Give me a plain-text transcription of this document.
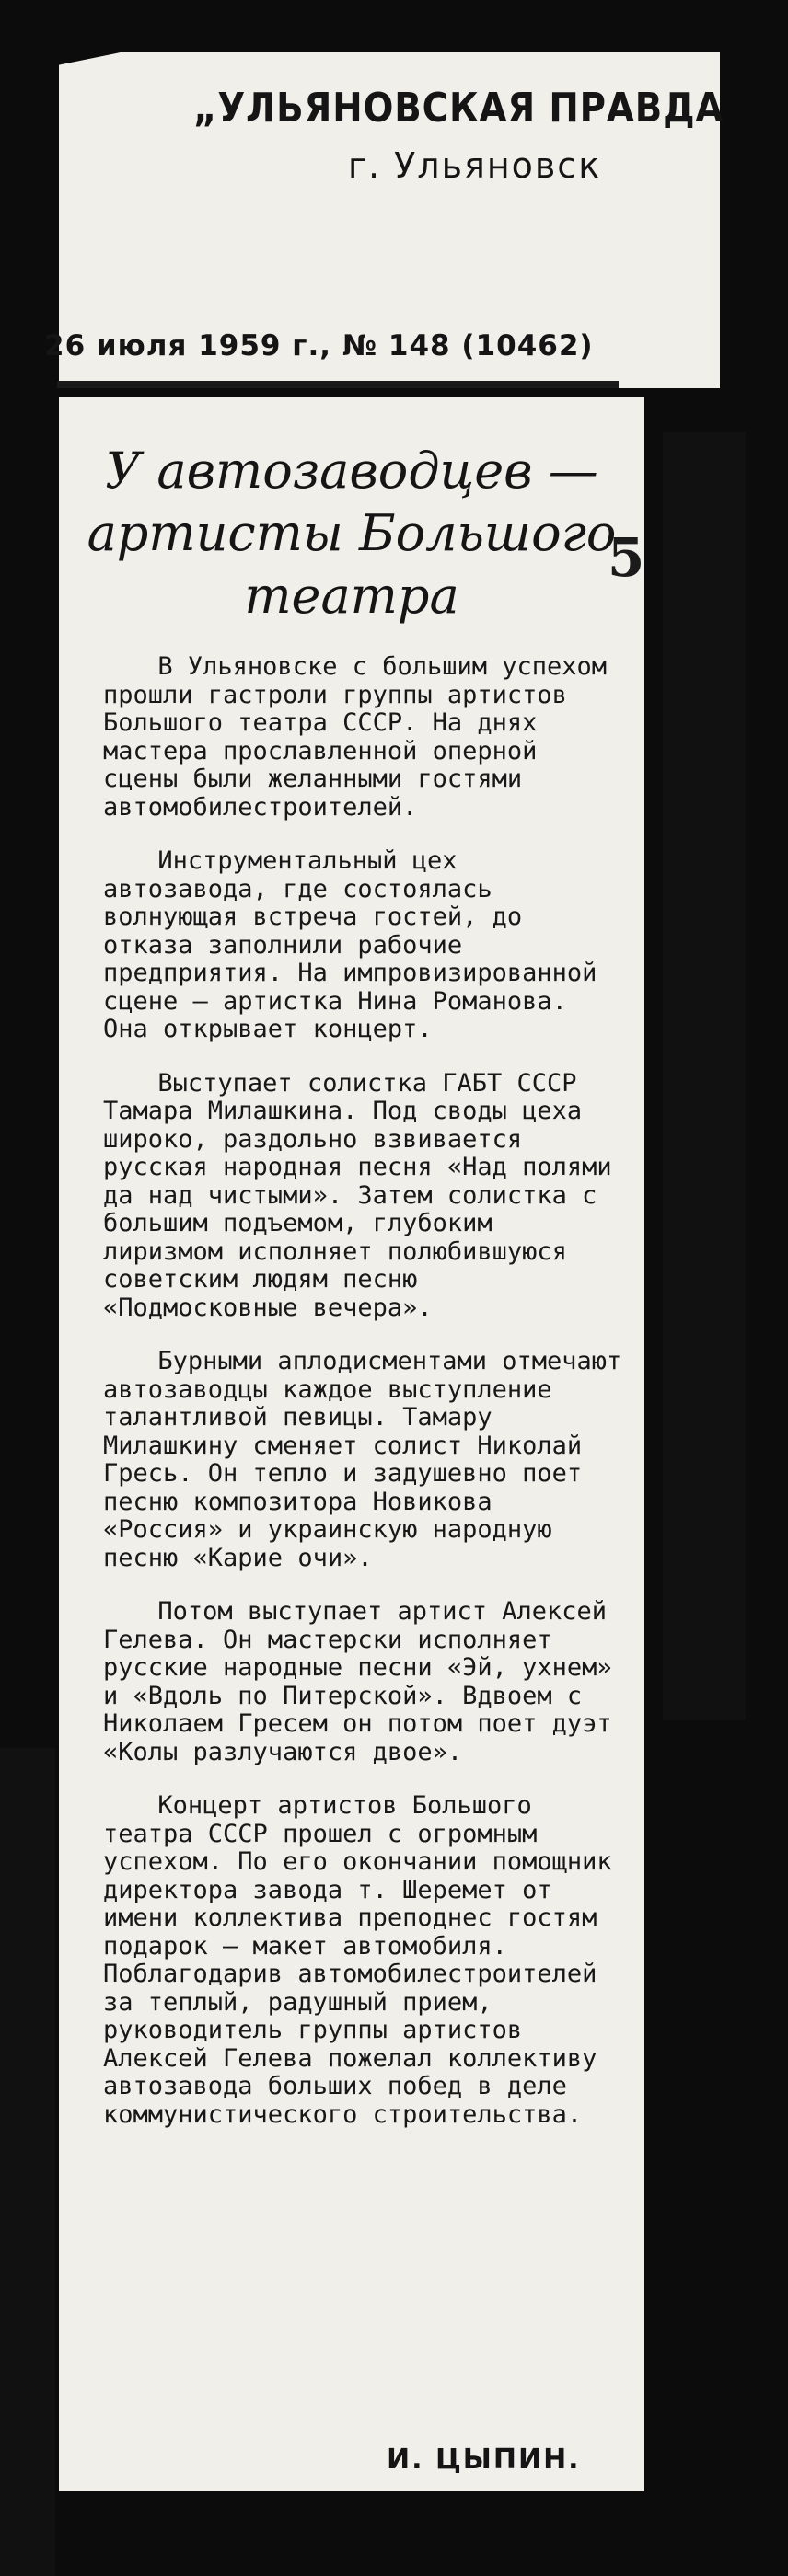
„УЛЬЯНОВСКАЯ ПРАВДА
г. Ульяновск
26 июля 1959 г., № 148 (10462)
У автозаводцев — артисты Большого театра
5

В Ульяновске с большим успехом прошли гастроли группы артистов Большого театра СССР. На днях мастера прославленной оперной сцены были желанными гостями автомобилестроителей.

Инструментальный цех автозавода, где состоялась волнующая встреча гостей, до отказа заполнили рабочие предприятия. На импровизированной сцене — артистка Нина Романова. Она открывает концерт.

Выступает солистка ГАБТ СССР Тамара Милашкина. Под своды цеха широко, раздольно взвивается русская народная песня «Над полями да над чистыми». Затем солистка с большим подъемом, глубоким лиризмом исполняет полюбившуюся советским людям песню «Подмосковные вечера».

Бурными аплодисментами отмечают автозаводцы каждое выступление талантливой певицы. Тамару Милашкину сменяет солист Николай Гресь. Он тепло и задушевно поет песню композитора Новикова «Россия» и украинскую народную песню «Карие очи».

Потом выступает артист Алексей Гелева. Он мастерски исполняет русские народные песни «Эй, ухнем» и «Вдоль по Питерской». Вдвоем с Николаем Гресем он потом поет дуэт «Колы разлучаются двое».

Концерт артистов Большого театра СССР прошел с огромным успехом. По его окончании помощник директора завода т. Шеремет от имени коллектива преподнес гостям подарок — макет автомобиля. Поблагодарив автомобилестроителей за теплый, радушный прием, руководитель группы артистов Алексей Гелева пожелал коллективу автозавода больших побед в деле коммунистического строительства.

И. ЦЫПИН.
